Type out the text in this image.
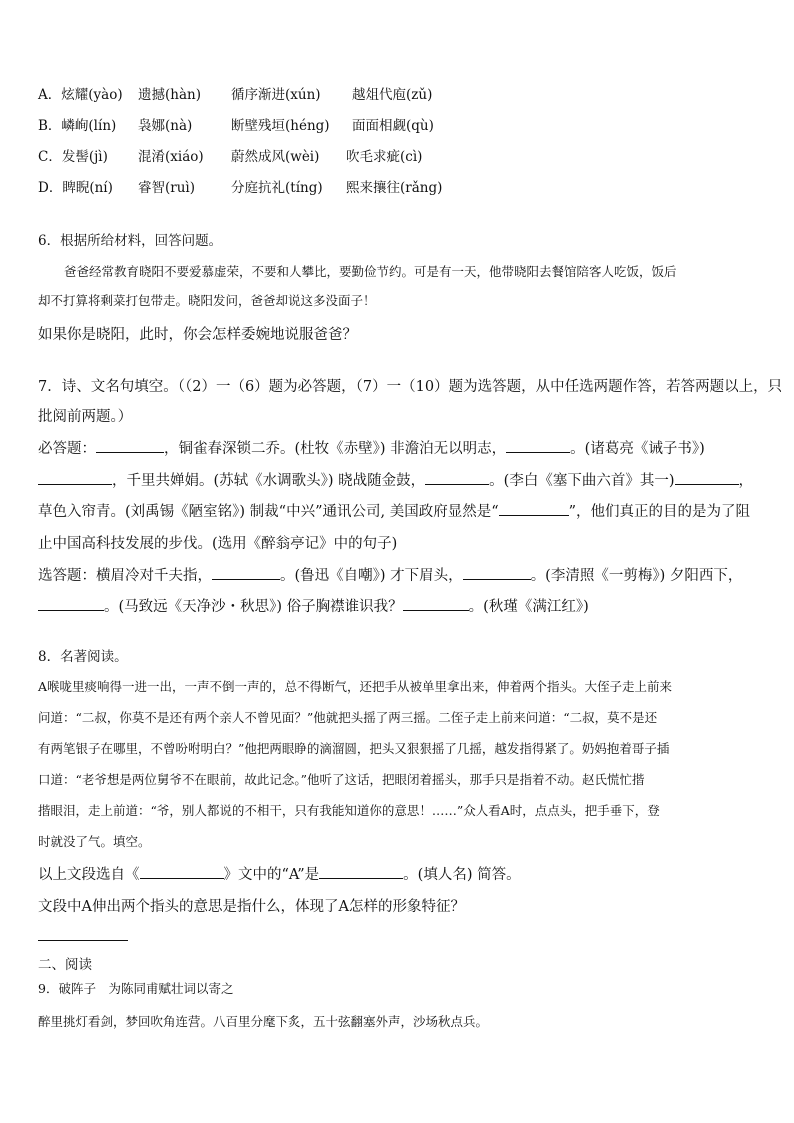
A．炫耀(yào) 遗撼(hàn) 循序渐进(xún) 越俎代庖(zǔ)
B．嶙峋(lín) 袅娜(nà)	断壁残垣(héng) 面面相觑(qù)
C．发髻(jì) 混淆(xiáo) 蔚然成风(wèi) 吹毛求疵(cì)
D．睥睨(ní) 睿智(ruì)	分庭抗礼(tíng) 熙来攘往(rǎng)
6．根据所给材料，回答问题。
爸爸经常教育晓阳不要爱慕虚荣，不要和人攀比，要勤俭节约。可是有一天，他带晓阳去餐馆陪客人吃饭，饭后
却不打算将剩菜打包带走。晓阳发问，爸爸却说这多没面子！
如果你是晓阳，此时，你会怎样委婉地说服爸爸？
7．诗、文名句填空。（（2）一（6）题为必答题，（7）一（10）题为选答题，从中任选两题作答，若答两题以上，只
批阅前两题。）
必答题：	，铜雀春深锁二乔。(杜牧《赤壁》) 非澹泊无以明志，	。(诸葛亮《诫子书》)
，千里共婵娟。(苏轼《水调歌头》) 晓战随金鼓，	。(李白《塞下曲六首》其一)	，
草色入帘青。(刘禹锡《陋室铭》) 制裁“中兴”通讯公司, 美国政府显然是“	”，他们真正的目的是为了阻
止中国高科技发展的步伐。(选用《醉翁亭记》中的句子)
选答题：横眉冷对千夫指，	。(鲁迅《自嘲》) 才下眉头，	。(李清照《一剪梅》) 夕阳西下，
。(马致远《天净沙・秋思》) 俗子胸襟谁识我？	。(秋瑾《满江红》)
8．名著阅读。
A喉咙里痰响得一进一出，一声不倒一声的，总不得断气，还把手从被单里拿出来，伸着两个指头。大侄子走上前来
问道：“二叔，你莫不是还有两个亲人不曾见面？”他就把头摇了两三摇。二侄子走上前来问道：“二叔，莫不是还
有两笔银子在哪里，不曾吩咐明白？”他把两眼睁的滴溜圆，把头又狠狠摇了几摇，越发指得紧了。奶妈抱着哥子插
口道：“老爷想是两位舅爷不在眼前，故此记念。”他听了这话，把眼闭着摇头，那手只是指着不动。赵氏慌忙揩
揩眼泪，走上前道：“爷，别人都说的不相干，只有我能知道你的意思！……”众人看A时，点点头，把手垂下，登
时就没了气。填空。
以上文段选自《	》文中的“A”是	。(填人名) 简答。
文段中A伸出两个指头的意思是指什么，体现了A怎样的形象特征？
二、阅读
9．破阵子　为陈同甫赋壮词以寄之
醉里挑灯看剑，梦回吹角连营。八百里分麾下炙，五十弦翻塞外声，沙场秋点兵。
